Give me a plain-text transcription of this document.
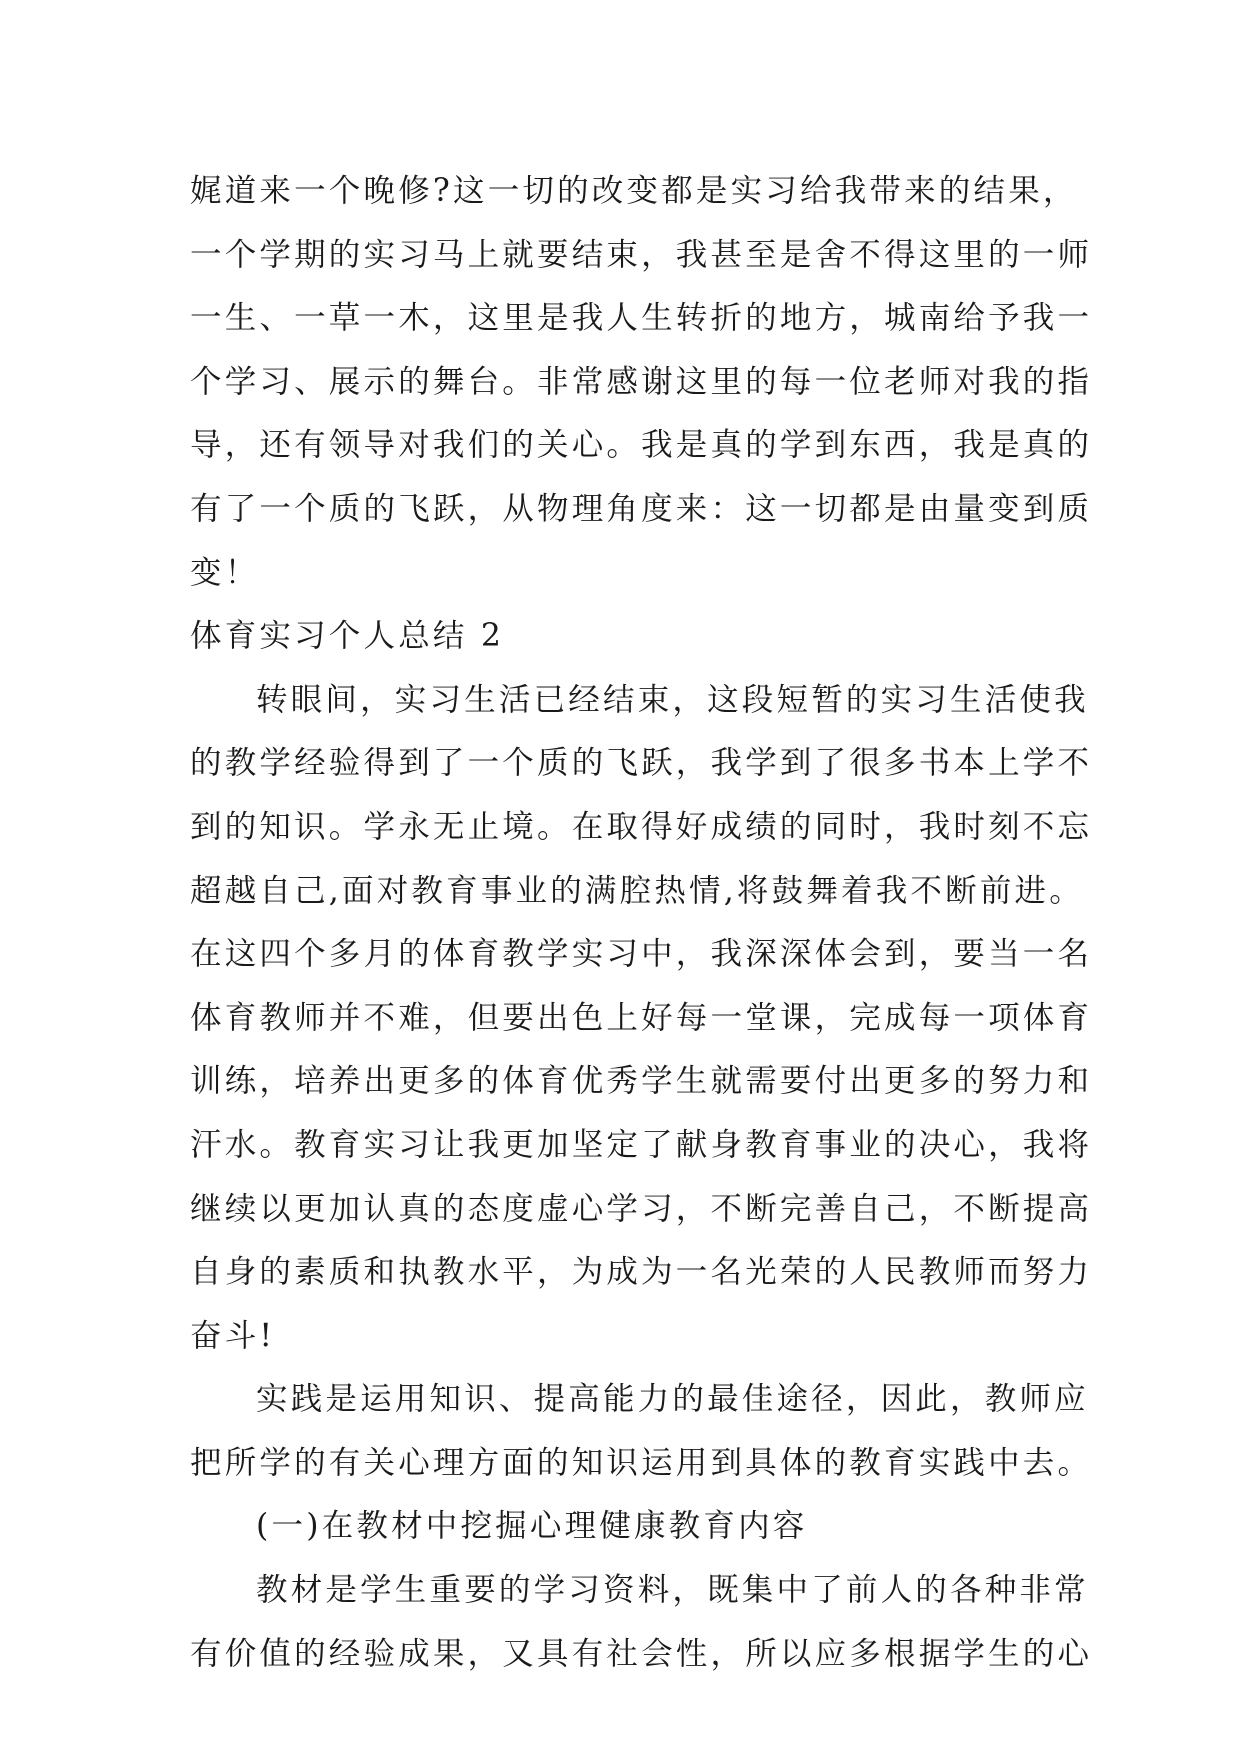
娓道来一个晚修?这一切的改变都是实习给我带来的结果，
一个学期的实习马上就要结束，我甚至是舍不得这里的一师
一生、一草一木，这里是我人生转折的地方，城南给予我一
个学习、展示的舞台。非常感谢这里的每一位老师对我的指
导，还有领导对我们的关心。我是真的学到东西，我是真的
有了一个质的飞跃，从物理角度来：这一切都是由量变到质
变！
体育实习个人总结 2
转眼间，实习生活已经结束，这段短暂的实习生活使我
的教学经验得到了一个质的飞跃，我学到了很多书本上学不
到的知识。学永无止境。在取得好成绩的同时，我时刻不忘
超越自己,面对教育事业的满腔热情,将鼓舞着我不断前进。
在这四个多月的体育教学实习中，我深深体会到，要当一名
体育教师并不难，但要出色上好每一堂课，完成每一项体育
训练，培养出更多的体育优秀学生就需要付出更多的努力和
汗水。教育实习让我更加坚定了献身教育事业的决心，我将
继续以更加认真的态度虚心学习，不断完善自己，不断提高
自身的素质和执教水平，为成为一名光荣的人民教师而努力
奋斗!
实践是运用知识、提高能力的最佳途径，因此，教师应
把所学的有关心理方面的知识运用到具体的教育实践中去。
(一)在教材中挖掘心理健康教育内容
教材是学生重要的学习资料，既集中了前人的各种非常
有价值的经验成果，又具有社会性，所以应多根据学生的心
